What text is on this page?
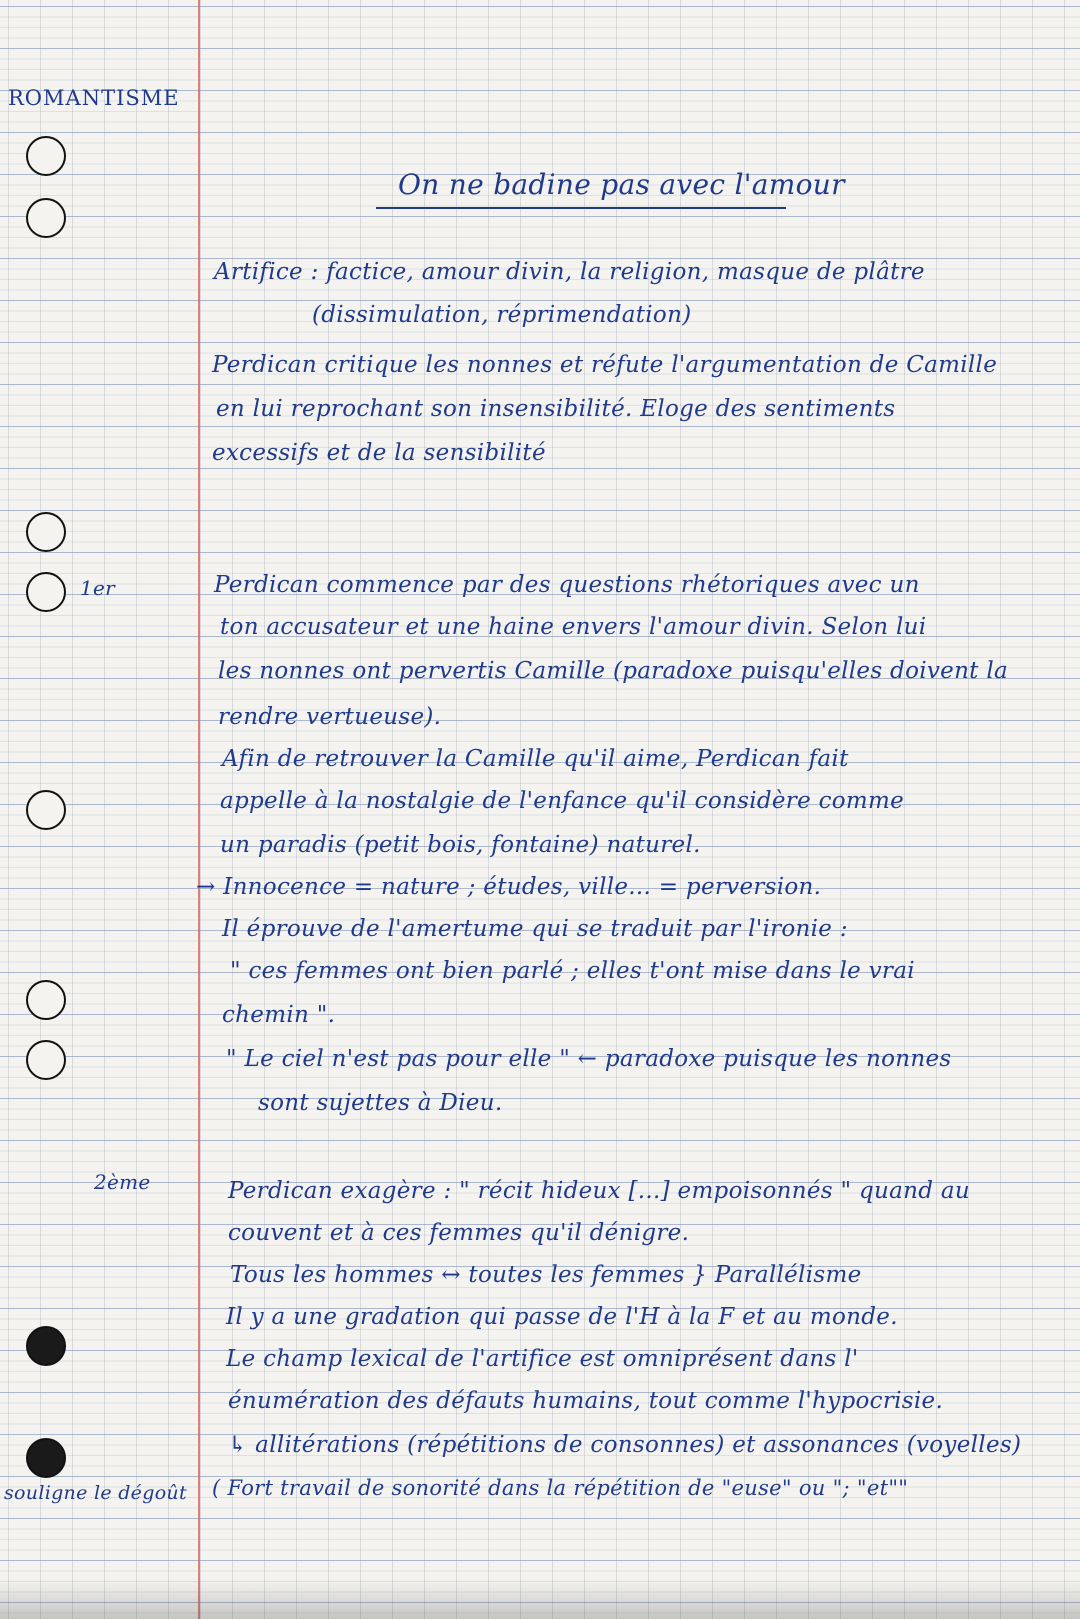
ROMANTISME
1er
2ème
souligne le dégoût
On ne badine pas avec l'amour
Artifice : factice, amour divin, la religion, masque de plâtre
(dissimulation, réprimendation)
Perdican critique les nonnes et réfute l'argumentation de Camille
en lui reprochant son insensibilité. Eloge des sentiments
excessifs et de la sensibilité
Perdican commence par des questions rhétoriques avec un
ton accusateur et une haine envers l'amour divin. Selon lui
les nonnes ont pervertis Camille (paradoxe puisqu'elles doivent la
rendre vertueuse).
Afin de retrouver la Camille qu'il aime, Perdican fait
appelle à la nostalgie de l'enfance qu'il considère comme
un paradis (petit bois, fontaine) naturel.
→ Innocence = nature ; études, ville... = perversion.
Il éprouve de l'amertume qui se traduit par l'ironie :
" ces femmes ont bien parlé ; elles t'ont mise dans le vrai
chemin ".
" Le ciel n'est pas pour elle " ← paradoxe puisque les nonnes
sont sujettes à Dieu.
Perdican exagère : " récit hideux [...] empoisonnés " quand au
couvent et à ces femmes qu'il dénigre.
Tous les hommes ↔ toutes les femmes } Parallélisme
Il y a une gradation qui passe de l'H à la F et au monde.
Le champ lexical de l'artifice est omniprésent dans l'
énumération des défauts humains, tout comme l'hypocrisie.
↳ allitérations (répétitions de consonnes) et assonances (voyelles)
( Fort travail de sonorité dans la répétition de "euse" ou "; "et""
